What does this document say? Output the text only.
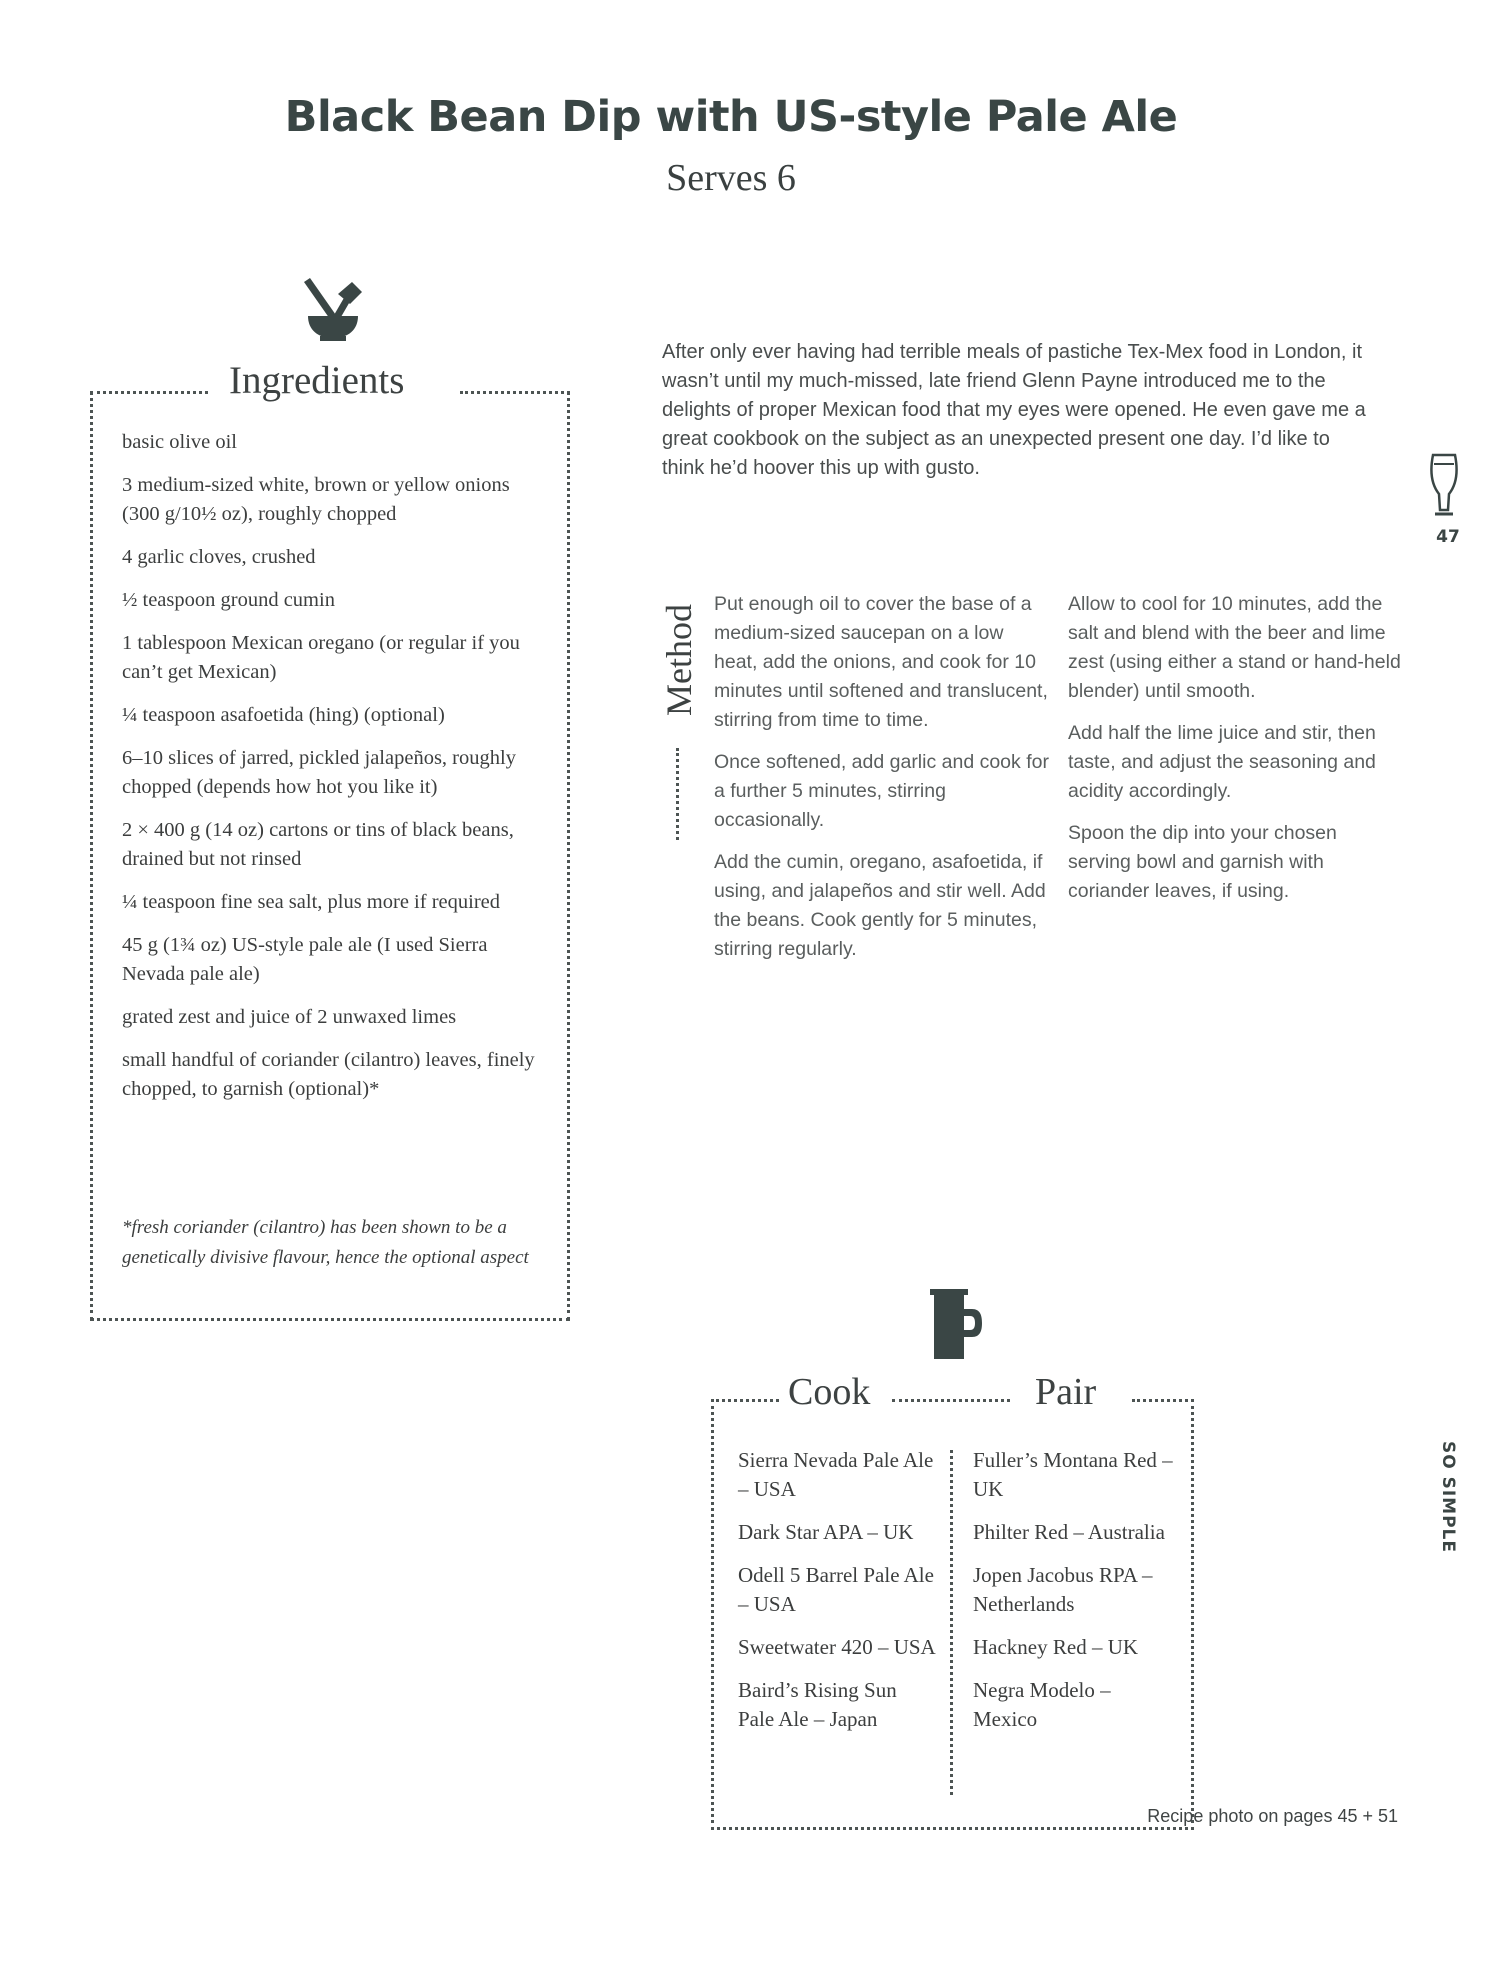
Black Bean Dip with US-style Pale Ale
Serves 6
Ingredients
basic olive oil
3 medium-sized white, brown or yellow onions (300 g/10½ oz), roughly chopped
4 garlic cloves, crushed
½ teaspoon ground cumin
1 tablespoon Mexican oregano (or regular if you can’t get Mexican)
¼ teaspoon asafoetida (hing) (optional)
6–10 slices of jarred, pickled jalapeños, roughly chopped (depends how hot you like it)
2 × 400 g (14 oz) cartons or tins of black beans, drained but not rinsed
¼ teaspoon fine sea salt, plus more if required
45 g (1¾ oz) US-style pale ale (I used Sierra Nevada pale ale)
grated zest and juice of 2 unwaxed limes
small handful of coriander (cilantro) leaves, finely chopped, to garnish (optional)*
*fresh coriander (cilantro) has been shown to be a genetically divisive flavour, hence the optional aspect

After only ever having had terrible meals of pastiche Tex-Mex food in London, it wasn’t until my much-missed, late friend Glenn Payne introduced me to the delights of proper Mexican food that my eyes were opened. He even gave me a great cookbook on the subject as an unexpected present one day. I’d like to think he’d hoover this up with gusto.

47
SO SIMPLE
Method Put enough oil to cover the base of a medium-sized saucepan on a low heat, add the onions, and cook for 10 minutes until softened and translucent, stirring from time to time.

Once softened, add garlic and cook for a further 5 minutes, stirring occasionally.

Add the cumin, oregano, asafoetida, if using, and jalapeños and stir well. Add the beans. Cook gently for 5 minutes, stirring regularly.

Allow to cool for 10 minutes, add the salt and blend with the beer and lime zest (using either a stand or hand-held blender) until smooth.

Add half the lime juice and stir, then taste, and adjust the seasoning and acidity accordingly.

Spoon the dip into your chosen serving bowl and garnish with coriander leaves, if using.

Cook	Pair
Sierra Nevada Pale Ale – USA
Dark Star APA – UK
Odell 5 Barrel Pale Ale – USA
Sweetwater 420 – USA
Baird’s Rising Sun Pale Ale – Japan
Fuller’s Montana Red – UK
Philter Red – Australia
Jopen Jacobus RPA – Netherlands
Hackney Red – UK
Negra Modelo – Mexico
Recipe photo on pages 45 + 51
